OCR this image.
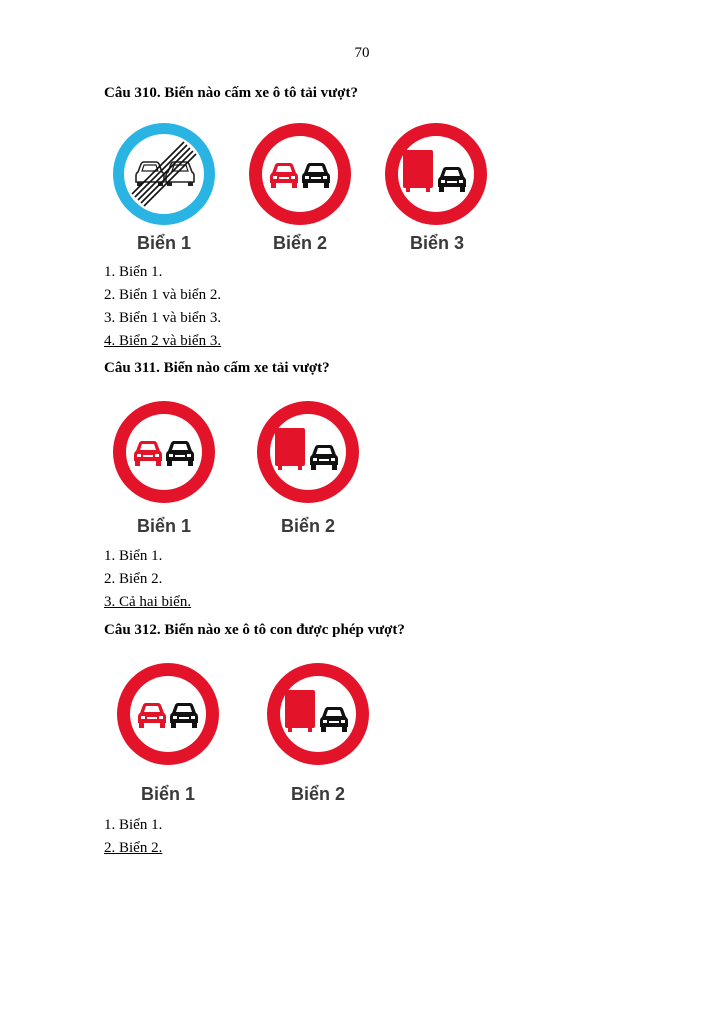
70
Câu 310. Biển nào cấm xe ô tô tải vượt?
Biển 1	Biển 2	Biển 3
1. Biển 1.
2. Biển 1 và biển 2.
3. Biển 1 và biển 3.
4. Biển 2 và biển 3.
Câu 311. Biển nào cấm xe tải vượt?
Biển 1	Biển 2
1. Biển 1.
2. Biển 2.
3. Cả hai biển.
Câu 312. Biển nào xe ô tô con được phép vượt?
Biển 1	Biển 2
1. Biển 1.
2. Biển 2.
